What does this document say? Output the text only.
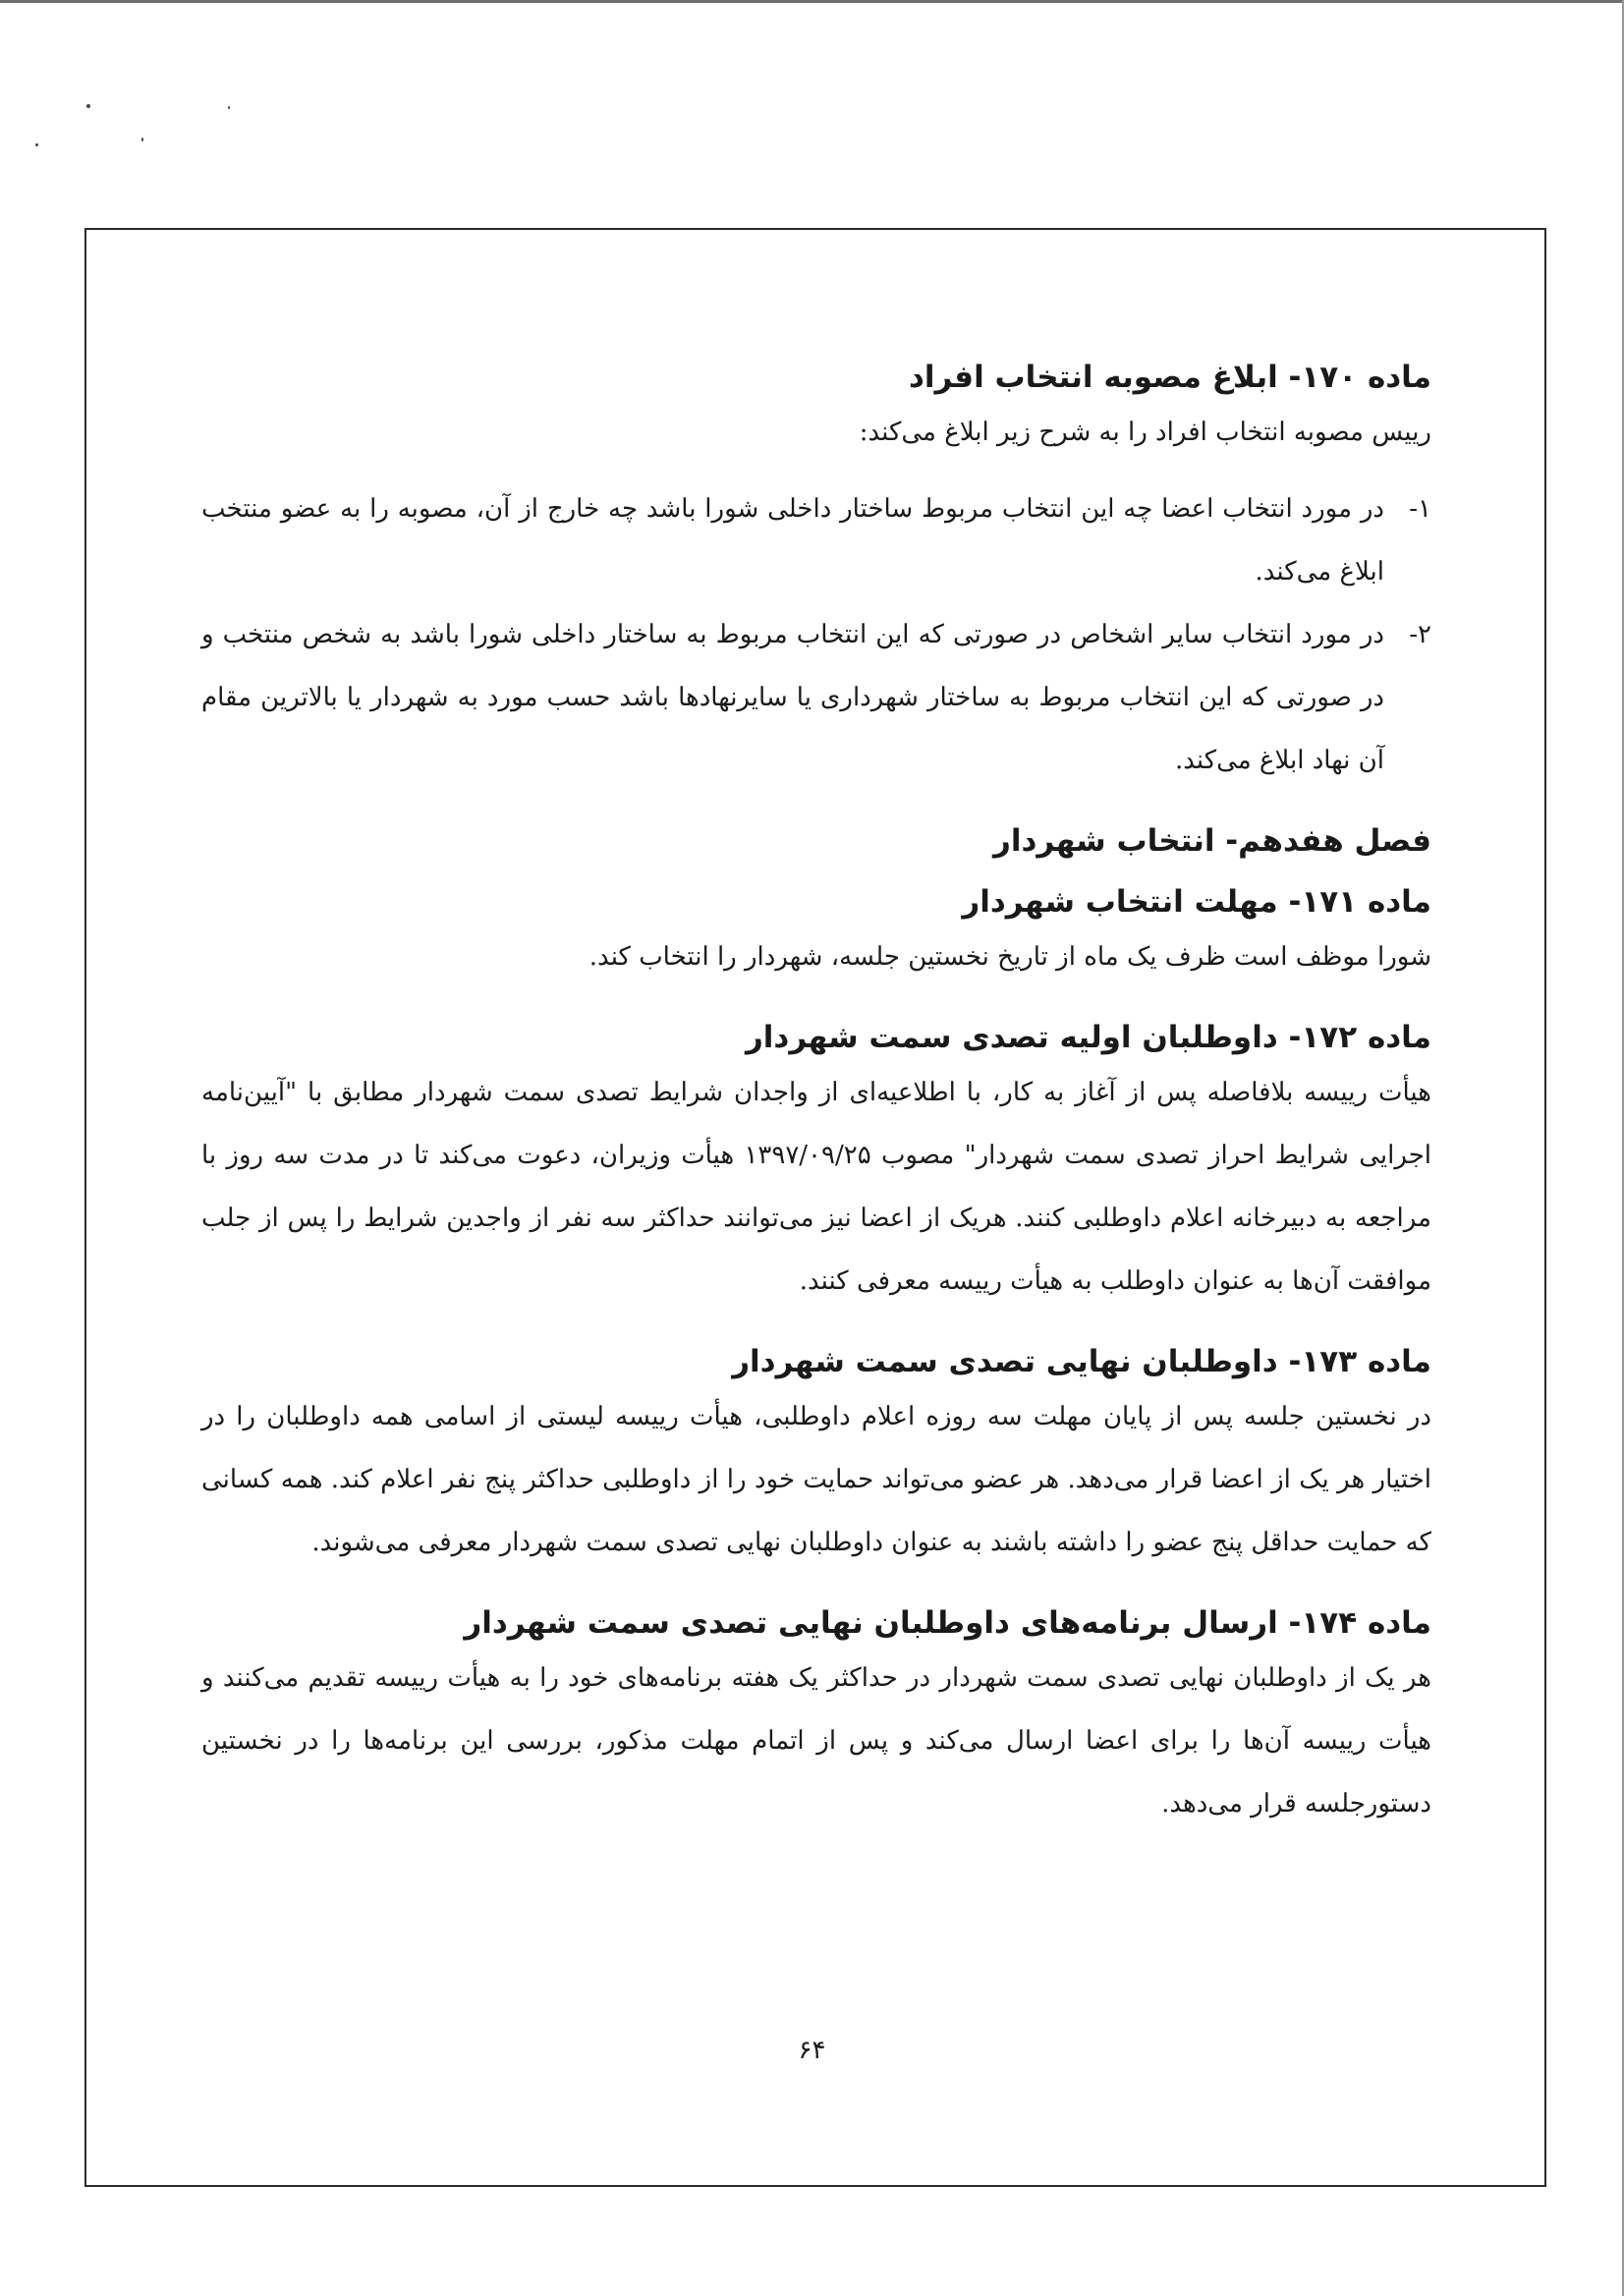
ماده ۱۷۰- ابلاغ مصوبه انتخاب افراد

رییس مصوبه انتخاب افراد را به شرح زیر ابلاغ می‌کند:

۱-
در مورد انتخاب اعضا چه این انتخاب مربوط ساختار داخلی شورا باشد چه خارج از آن، مصوبه را به عضو منتخب ابلاغ می‌کند.
۲-
در مورد انتخاب سایر اشخاص در صورتی که این انتخاب مربوط به ساختار داخلی شورا باشد به شخص منتخب و در صورتی که این انتخاب مربوط به ساختار شهرداری یا سایرنهادها باشد حسب مورد به شهردار یا بالاترین مقام آن نهاد ابلاغ می‌کند.
فصل هفدهم- انتخاب شهردار
ماده ۱۷۱- مهلت انتخاب شهردار

شورا موظف است ظرف یک ماه از تاریخ نخستین جلسه، شهردار را انتخاب کند.

ماده ۱۷۲- داوطلبان اولیه تصدی سمت شهردار

هیأت رییسه بلافاصله پس از آغاز به کار، با اطلاعیه‌ای از واجدان شرایط تصدی سمت شهردار مطابق با "آیین‌نامه اجرایی شرایط احراز تصدی سمت شهردار" مصوب ۱۳۹۷/۰۹/۲۵ هیأت وزیران، دعوت می‌کند تا در مدت سه روز با مراجعه به دبیرخانه اعلام داوطلبی کنند. هریک از اعضا نیز می‌توانند حداکثر سه نفر از واجدین شرایط را پس از جلب موافقت آن‌ها به عنوان داوطلب به هیأت رییسه معرفی کنند.

ماده ۱۷۳- داوطلبان نهایی تصدی سمت شهردار

در نخستین جلسه پس از پایان مهلت سه روزه اعلام داوطلبی، هیأت رییسه لیستی از اسامی همه داوطلبان را در اختیار هر یک از اعضا قرار می‌دهد. هر عضو می‌تواند حمایت خود را از داوطلبی حداکثر پنج نفر اعلام کند. همه کسانی که حمایت حداقل پنج عضو را داشته باشند به عنوان داوطلبان نهایی تصدی سمت شهردار معرفی می‌شوند.

ماده ۱۷۴- ارسال برنامه‌های داوطلبان نهایی تصدی سمت شهردار

هر یک از داوطلبان نهایی تصدی سمت شهردار در حداکثر یک هفته برنامه‌های خود را به هیأت رییسه تقدیم می‌کنند و هیأت رییسه آن‌ها را برای اعضا ارسال می‌کند و پس از اتمام مهلت مذکور، بررسی این برنامه‌ها را در نخستین دستورجلسه قرار می‌دهد.

۶۴
